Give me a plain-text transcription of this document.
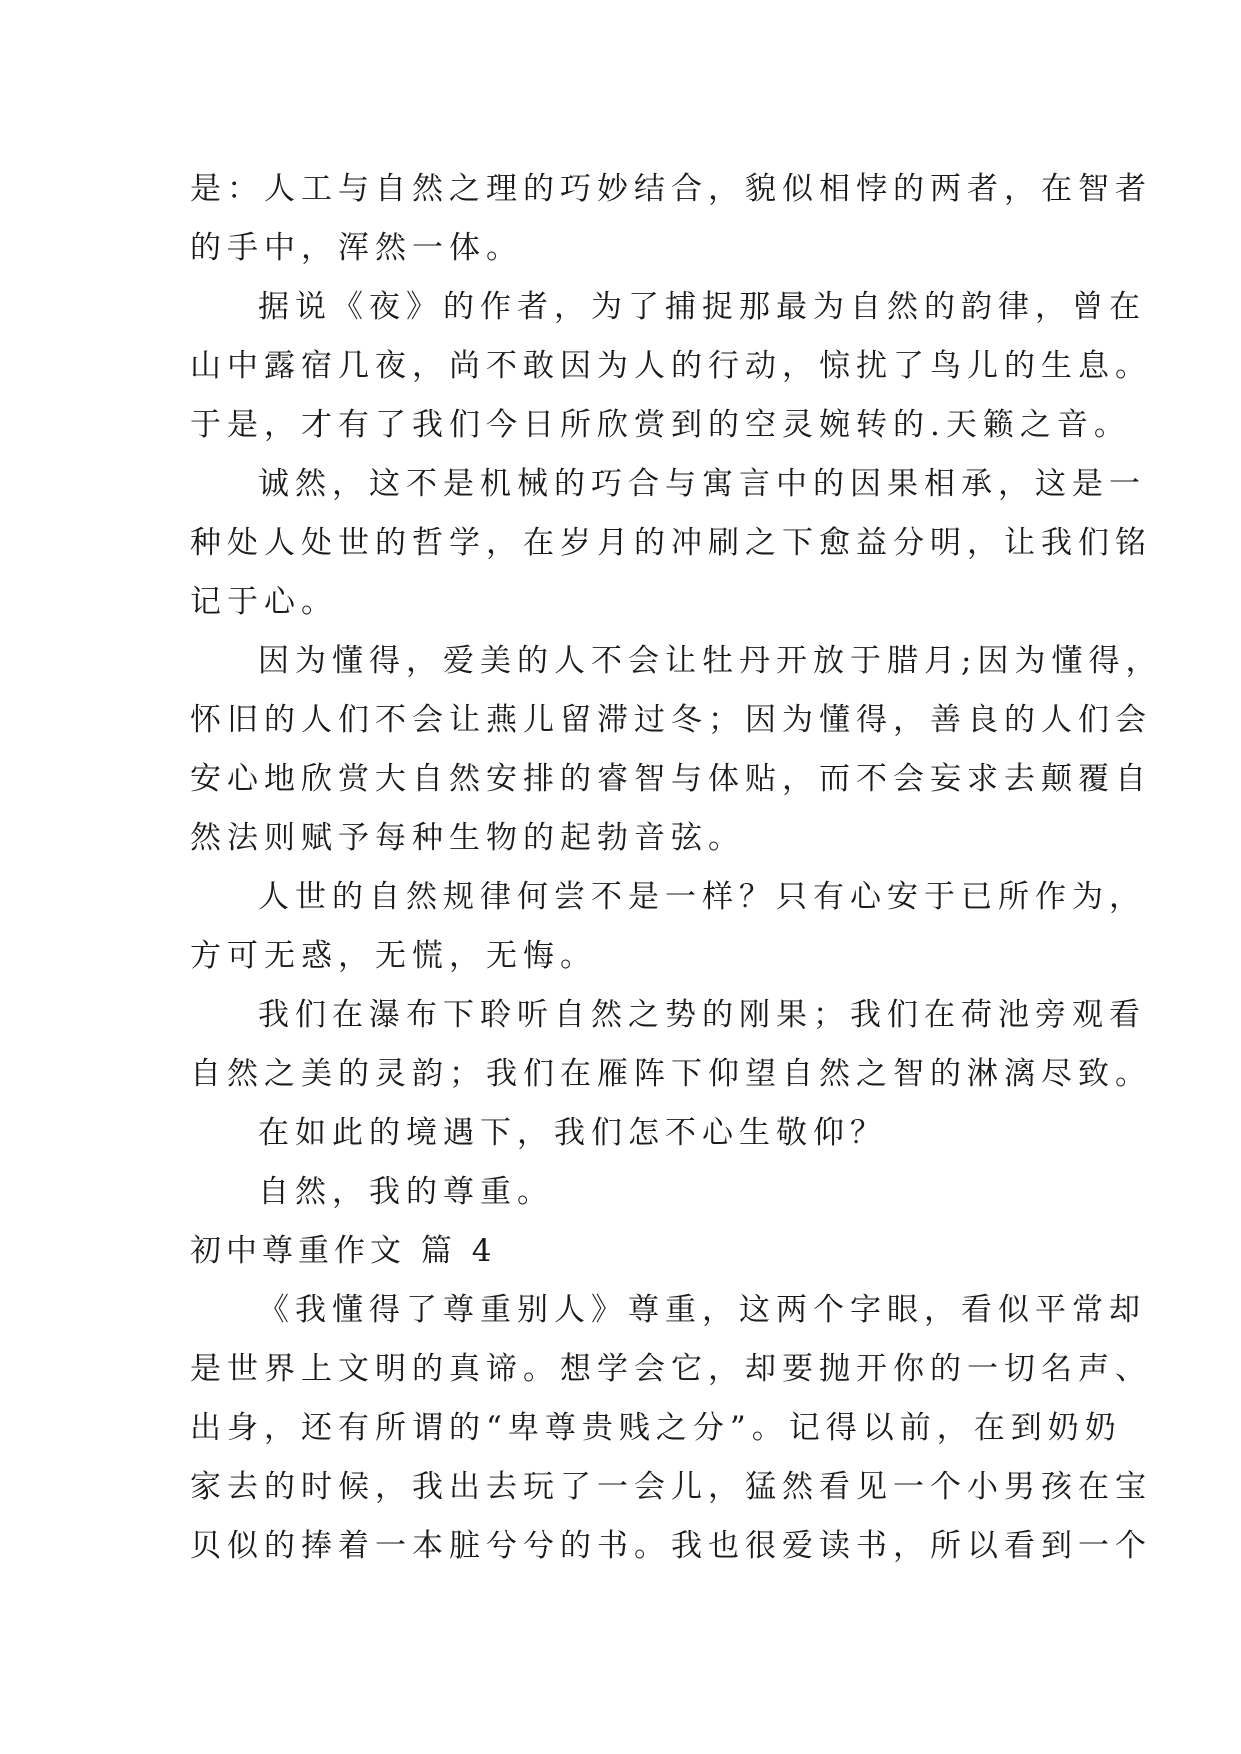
是：人工与自然之理的巧妙结合，貌似相悖的两者，在智者
的手中，浑然一体。
据说《夜》的作者，为了捕捉那最为自然的韵律，曾在
山中露宿几夜，尚不敢因为人的行动，惊扰了鸟儿的生息。
于是，才有了我们今日所欣赏到的空灵婉转的.天籁之音。
诚然，这不是机械的巧合与寓言中的因果相承，这是一
种处人处世的哲学，在岁月的冲刷之下愈益分明，让我们铭
记于心。
因为懂得，爱美的人不会让牡丹开放于腊月;因为懂得，
怀旧的人们不会让燕儿留滞过冬；因为懂得，善良的人们会
安心地欣赏大自然安排的睿智与体贴，而不会妄求去颠覆自
然法则赋予每种生物的起勃音弦。
人世的自然规律何尝不是一样？只有心安于已所作为，
方可无惑，无慌，无悔。
我们在瀑布下聆听自然之势的刚果；我们在荷池旁观看
自然之美的灵韵；我们在雁阵下仰望自然之智的淋漓尽致。
在如此的境遇下，我们怎不心生敬仰？
自然，我的尊重。
初中尊重作文 篇 4
《我懂得了尊重别人》尊重，这两个字眼，看似平常却
是世界上文明的真谛。想学会它，却要抛开你的一切名声、
出身，还有所谓的“卑尊贵贱之分”。记得以前，在到奶奶
家去的时候，我出去玩了一会儿，猛然看见一个小男孩在宝
贝似的捧着一本脏兮兮的书。我也很爱读书，所以看到一个
